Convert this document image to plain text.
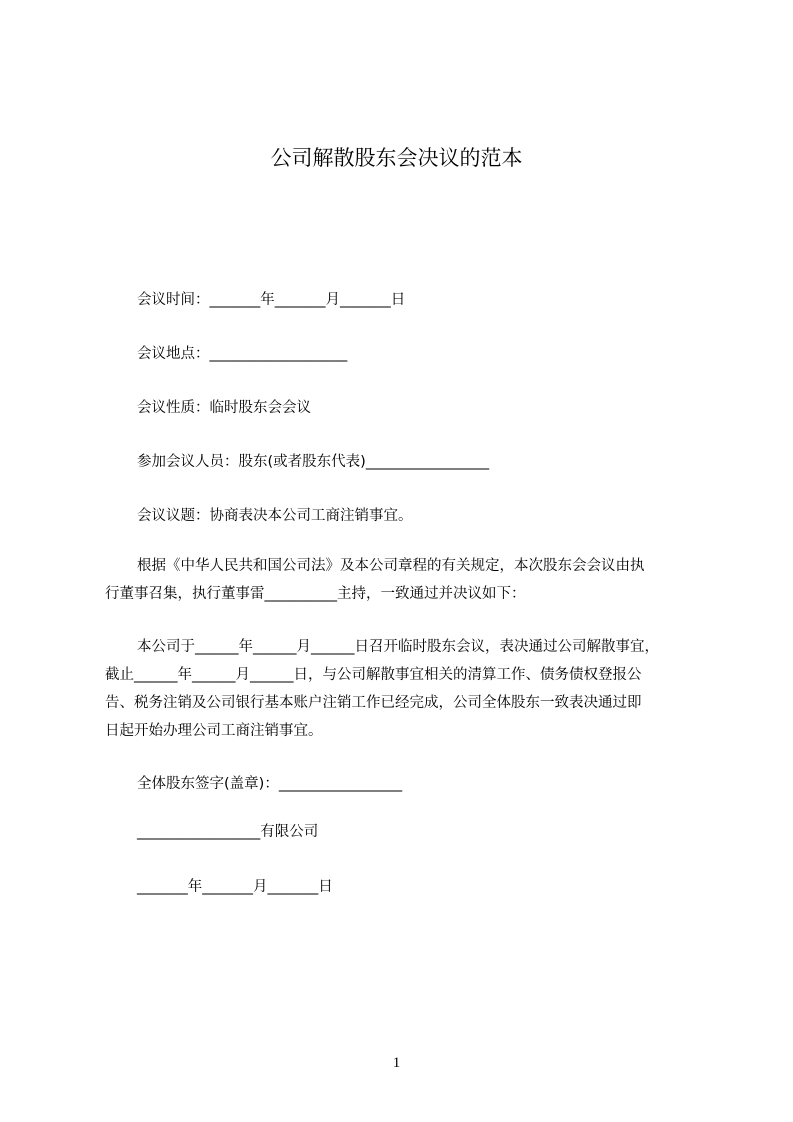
公司解散股东会决议的范本
会议时间：_______年_______月_______日
会议地点：___________________
会议性质：临时股东会会议
参加会议人员：股东(或者股东代表)_________________
会议议题：协商表决本公司工商注销事宜。
根据《中华人民共和国公司法》及本公司章程的有关规定，本次股东会会议由执
行董事召集，执行董事雷__________主持，一致通过并决议如下：
本公司于______年______月______日召开临时股东会议，表决通过公司解散事宜，
截止______年______月______日，与公司解散事宜相关的清算工作、债务债权登报公
告、税务注销及公司银行基本账户注销工作已经完成，公司全体股东一致表决通过即
日起开始办理公司工商注销事宜。
全体股东签字(盖章)：_________________
_________________有限公司
_______年_______月_______日
1
